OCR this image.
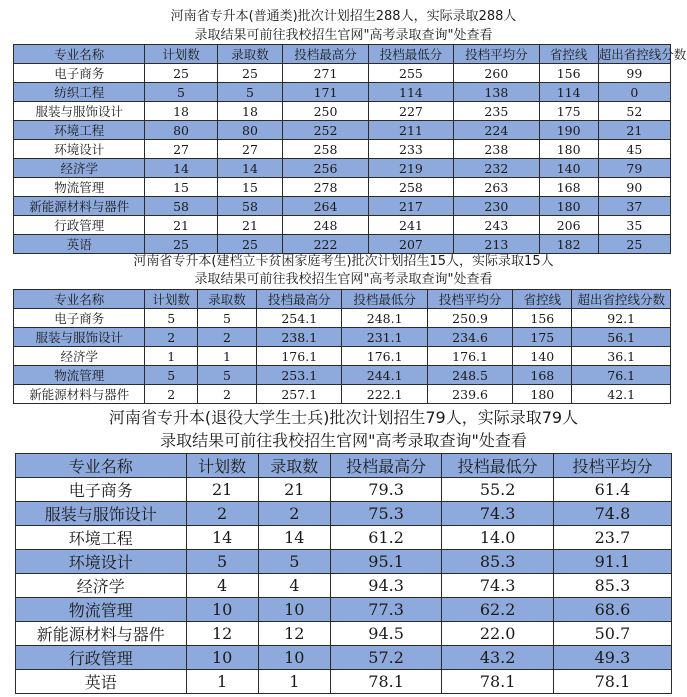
河南省专升本(普通类)批次计划招生288人，实际录取288人
录取结果可前往我校招生官网"高考录取查询"处查看
专业名称	计划数	录取数	投档最高分	投档最低分	投档平均分	省控线	超出省控线分数
电子商务	25	25	271	255	260	156	99
纺织工程	5	5	171	114	138	114	0
服装与服饰设计	18	18	250	227	235	175	52
环境工程	80	80	252	211	224	190	21
环境设计	27	27	258	233	238	180	45
经济学	14	14	256	219	232	140	79
物流管理	15	15	278	258	263	168	90
新能源材料与器件	58	58	264	217	230	180	37
行政管理	21	21	248	241	243	206	35
英语	25	25	222	207	213	182	25
河南省专升本(建档立卡贫困家庭考生)批次计划招生15人，实际录取15人
录取结果可前往我校招生官网"高考录取查询"处查看
专业名称	计划数	录取数	投档最高分	投档最低分	投档平均分	省控线	超出省控线分数
电子商务	5	5	254.1	248.1	250.9	156	92.1
服装与服饰设计	2	2	238.1	231.1	234.6	175	56.1
经济学	1	1	176.1	176.1	176.1	140	36.1
物流管理	5	5	253.1	244.1	248.5	168	76.1
新能源材料与器件	2	2	257.1	222.1	239.6	180	42.1
河南省专升本(退役大学生士兵)批次计划招生79人，实际录取79人
录取结果可前往我校招生官网"高考录取查询"处查看
专业名称	计划数	录取数	投档最高分	投档最低分	投档平均分
电子商务	21	21	79.3	55.2	61.4
服装与服饰设计	2	2	75.3	74.3	74.8
环境工程	14	14	61.2	14.0	23.7
环境设计	5	5	95.1	85.3	91.1
经济学	4	4	94.3	74.3	85.3
物流管理	10	10	77.3	62.2	68.6
新能源材料与器件	12	12	94.5	22.0	50.7
行政管理	10	10	57.2	43.2	49.3
英语	1	1	78.1	78.1	78.1
